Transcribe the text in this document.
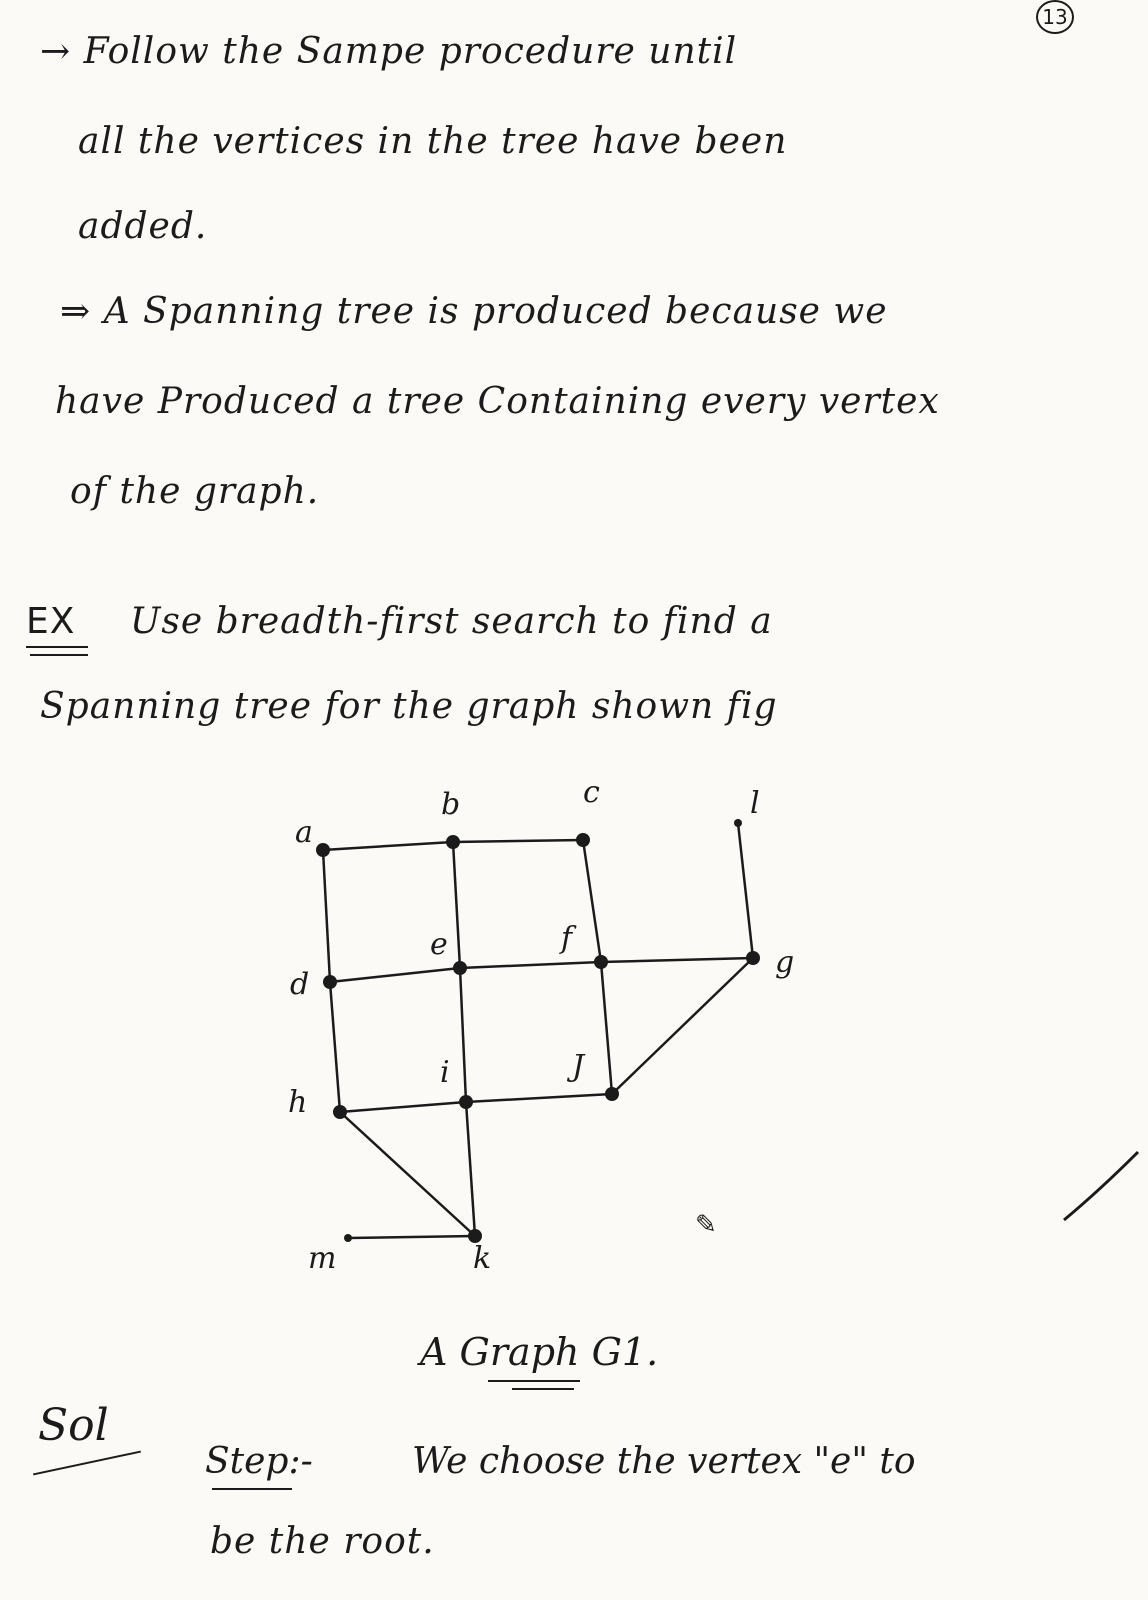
13
→ Follow the Sampe procedure until
all the vertices in the tree have been
added.
⇒ A Spanning tree is produced because we
have Produced a tree Containing every vertex
of the graph.
EX Use breadth-first search to find a
Spanning tree for the graph shown fig
a
b	c	l
d
e	f
g
h
i	J
m	k
A Graph G1.
Sol
Step:-	We choose the vertex "e" to
be the root.
✎
